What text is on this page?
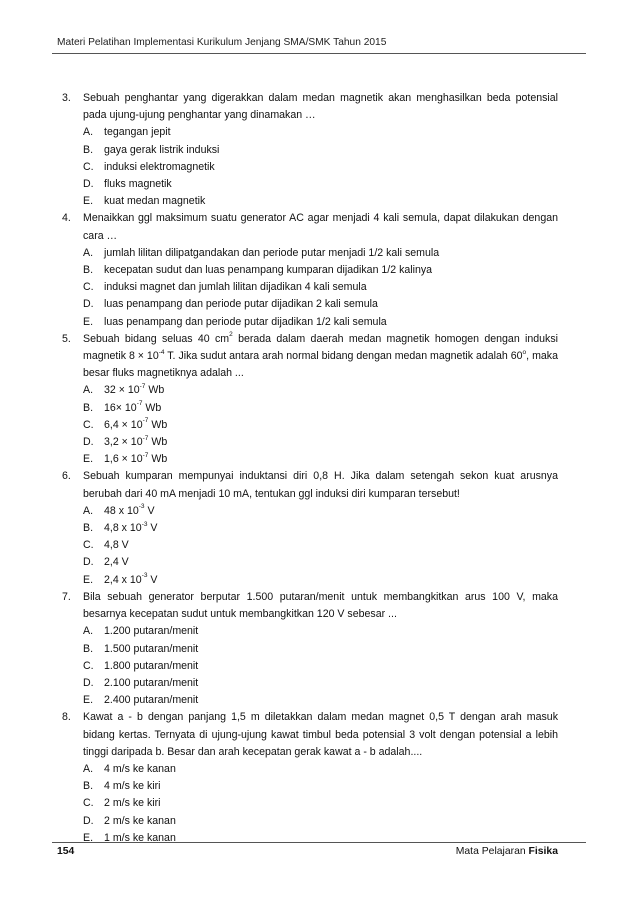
Materi Pelatihan Implementasi Kurikulum Jenjang SMA/SMK Tahun 2015
3. Sebuah penghantar yang digerakkan dalam medan magnetik akan menghasilkan beda potensial pada ujung-ujung penghantar yang dinamakan …
A. tegangan jepit
B. gaya gerak listrik induksi
C. induksi elektromagnetik
D. fluks magnetik
E. kuat medan magnetik
4. Menaikkan ggl maksimum suatu generator AC agar menjadi 4 kali semula, dapat dilakukan dengan cara …
A. jumlah lilitan dilipatgandakan dan periode putar menjadi 1/2 kali semula
B. kecepatan sudut dan luas penampang kumparan dijadikan 1/2 kalinya
C. induksi magnet dan jumlah lilitan dijadikan 4 kali semula
D. luas penampang dan periode putar dijadikan 2 kali semula
E. luas penampang dan periode putar dijadikan 1/2 kali semula
5. Sebuah bidang seluas 40 $cm^2$ berada dalam daerah medan magnetik homogen dengan induksi magnetik $8 \times 10^{-4}$ T. Jika sudut antara arah normal bidang dengan medan magnetik adalah 60$^o$, maka besar fluks magnetiknya adalah ...
A. $32 \times 10^{-7}$ Wb
B. $16\times 10^{-7}$ Wb
C. $6,4 \times 10^{-7}$ Wb
D. $3,2 \times 10^{-7}$ Wb
E. $1,6 \times 10^{-7}$ Wb
6. Sebuah kumparan mempunyai induktansi diri 0,8 H. Jika dalam setengah sekon kuat arusnya berubah dari 40 mA menjadi 10 mA, tentukan ggl induksi diri kumparan tersebut!
A. 48 x $10^{-3}$ V
B. 4,8 x $10^{-3}$ V
C. 4,8 V
D. 2,4 V
E. 2,4 x $10^{-3}$ V
7. Bila sebuah generator berputar 1.500 putaran/menit untuk membangkitkan arus 100 V, maka besarnya kecepatan sudut untuk membangkitkan 120 V sebesar ...
A. 1.200 putaran/menit
B. 1.500 putaran/menit
C. 1.800 putaran/menit
D. 2.100 putaran/menit
E. 2.400 putaran/menit
8. Kawat a - b dengan panjang 1,5 m diletakkan dalam medan magnet 0,5 T dengan arah masuk bidang kertas. Ternyata di ujung-ujung kawat timbul beda potensial 3 volt dengan potensial a lebih tinggi daripada b. Besar dan arah kecepatan gerak kawat a - b adalah....
A. 4 m/s ke kanan
B. 4 m/s ke kiri
C. 2 m/s ke kiri
D. 2 m/s ke kanan
E. 1 m/s ke kanan
154	Mata Pelajaran Fisika
